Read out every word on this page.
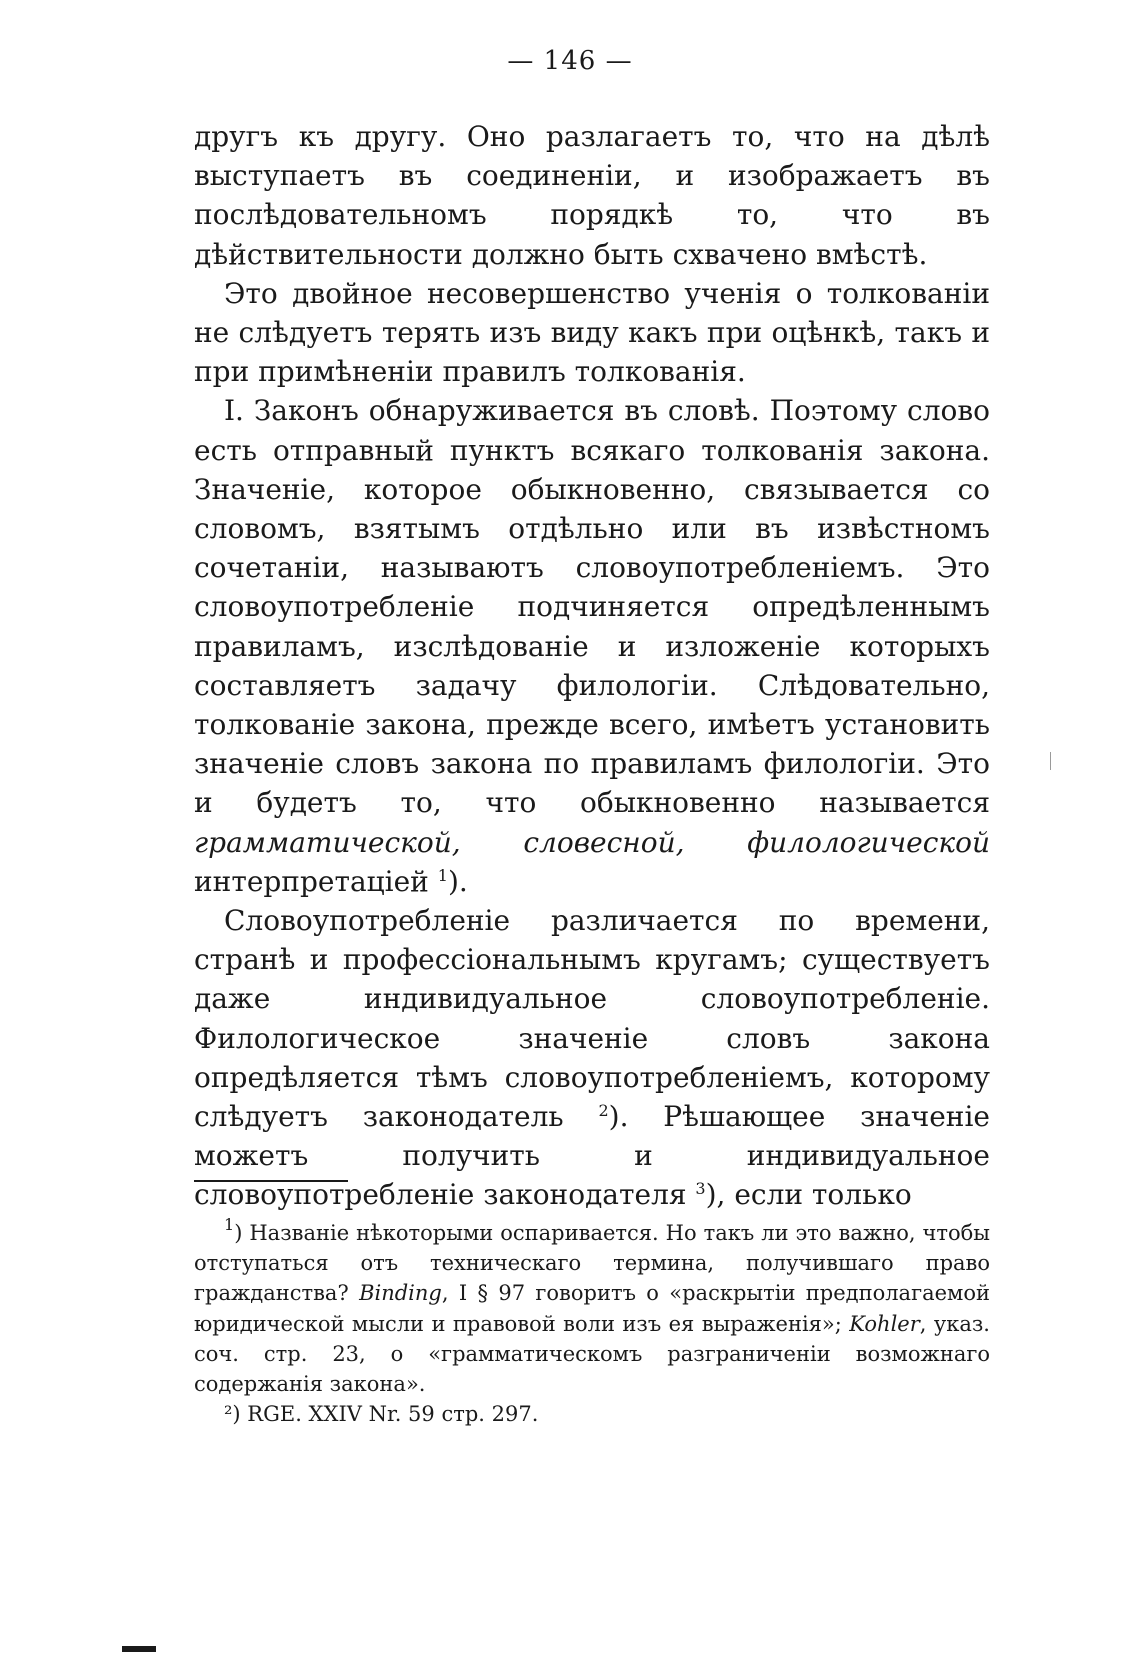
— 146 —

другъ къ другу. Оно разлагаетъ то, что на дѣлѣ выступаетъ въ соединеніи, и изображаетъ въ послѣдовательномъ порядкѣ то, что въ дѣйствительности должно быть схвачено вмѣстѣ.

Это двойное несовершенство ученія о толкованіи не слѣдуетъ терять изъ виду какъ при оцѣнкѣ, такъ и при примѣненіи правилъ толкованія.

I. Законъ обнаруживается въ словѣ. Поэтому слово есть отправный пунктъ всякаго толкованія закона. Значеніе, которое обыкновенно, связывается со словомъ, взятымъ отдѣльно или въ извѣстномъ сочетаніи, называютъ словоупотребленіемъ. Это словоупотребленіе подчиняется опредѣленнымъ правиламъ, изслѣдованіе и изложеніе которыхъ составляетъ задачу филологіи. Слѣдовательно, толкованіе закона, прежде всего, имѣетъ установить значеніе словъ закона по правиламъ филологіи. Это и будетъ то, что обыкновенно называется грамматической, словесной, филологической интерпретаціей $^1$).

Словоупотребленіе различается по времени, странѣ и профессіональнымъ кругамъ; существуетъ даже индивидуальное словоупотребленіе. Филологическое значеніе словъ закона опредѣляется тѣмъ словоупотребленіемъ, которому слѣдуетъ законодатель $^2$). Рѣшающее значеніе можетъ получить и индивидуальное словоупотребленіе законодателя $^3$), если только

$^1$) Названіе нѣкоторыми оспаривается. Но такъ ли это важно, чтобы отступаться отъ техническаго термина, получившаго право гражданства? Binding, I § 97 говоритъ о «раскрытіи предполагаемой юридической мысли и правовой воли изъ ея выраженія»; Kohler, указ. соч. стр. 23, о «грамматическомъ разграниченіи возможнаго содержанія закона».

²) RGE. XXIV Nr. 59 стр. 297.
